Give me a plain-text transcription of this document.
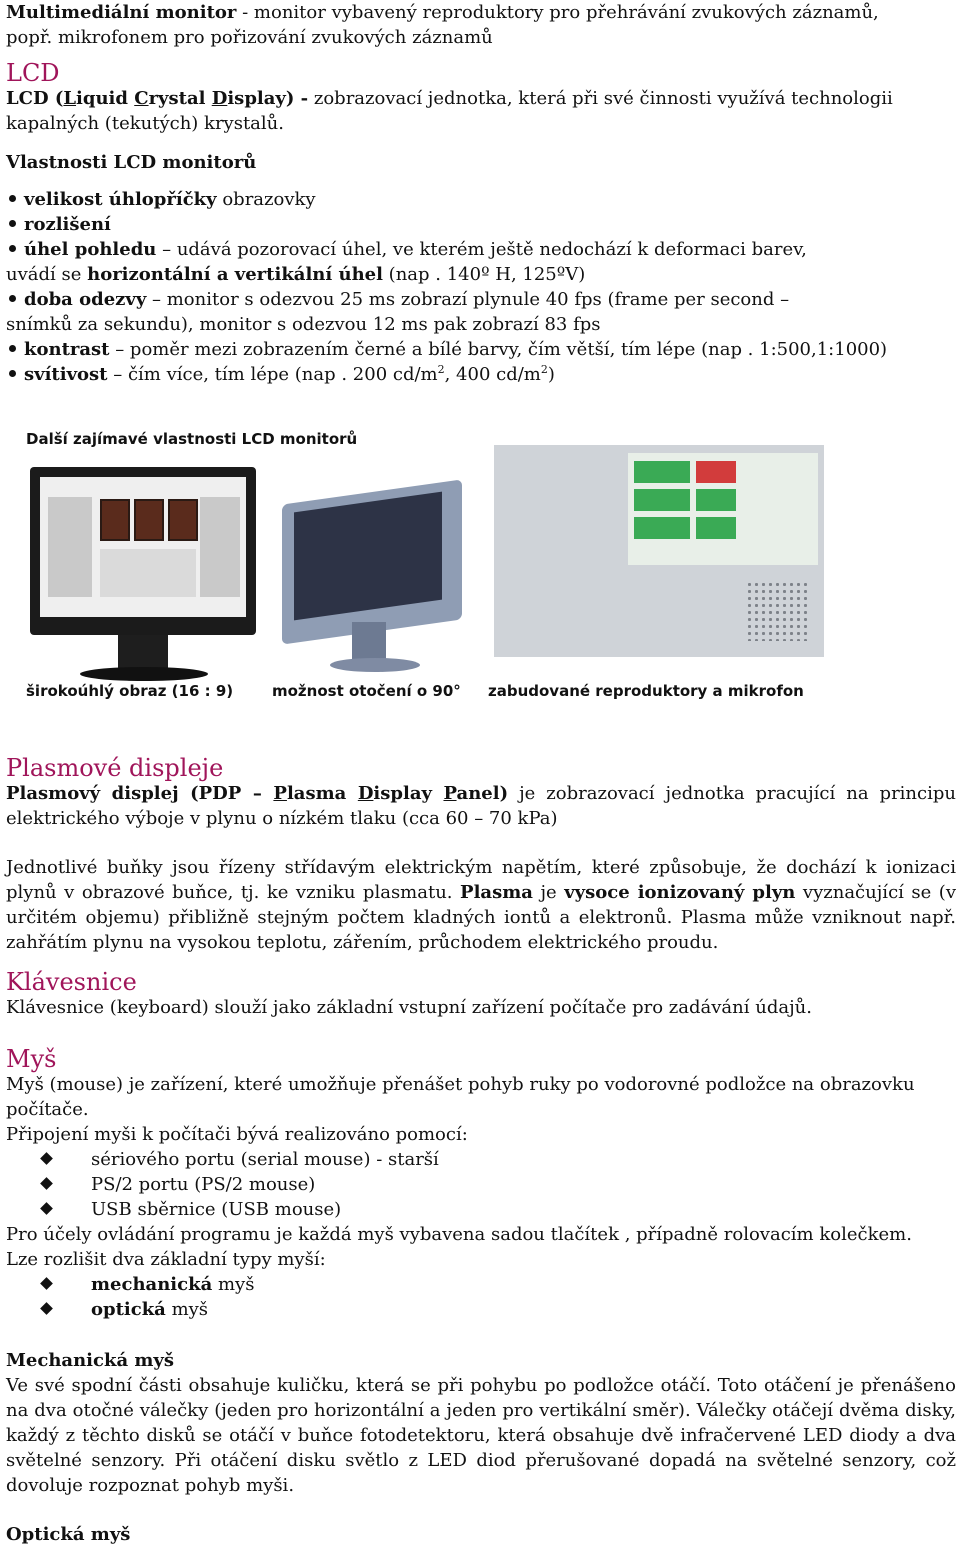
Multimediální monitor - monitor vybavený reproduktory pro přehrávání zvukových záznamů,
popř. mikrofonem pro pořizování zvukových záznamů

LCD

LCD (Liquid Crystal Display) - zobrazovací jednotka, která při své činnosti využívá technologii
kapalných (tekutých) krystalů.

Vlastnosti LCD monitorů

velikost úhlopříčky obrazovky

rozlišení

úhel pohledu – udává pozorovací úhel, ve kterém ještě nedochází k deformaci barev,
uvádí se horizontální a vertikální úhel (nap . 140º H, 125ºV)

doba odezvy – monitor s odezvou 25 ms zobrazí plynule 40 fps (frame per second –
snímků za sekundu), monitor s odezvou 12 ms pak zobrazí 83 fps

kontrast – poměr mezi zobrazením černé a bílé barvy, čím větší, tím lépe (nap . 1:500,1:1000)

svítivost – čím více, tím lépe (nap . 200 $cd/m^2$, 400 $cd/m^2$)

Další zajímavé vlastnosti LCD monitorů
širokoúhlý obraz (16 : 9)	možnost otočení o 90° zabudované reproduktory a mikrofon

Plasmové displeje

Plasmový displej (PDP – Plasma Display Panel) je zobrazovací jednotka pracující na principu elektrického výboje v plynu o nízkém tlaku (cca 60 – 70 kPa)

Jednotlivé buňky jsou řízeny střídavým elektrickým napětím, které způsobuje, že dochází k ionizaci plynů v obrazové buňce, tj. ke vzniku plasmatu. Plasma je vysoce ionizovaný plyn vyznačující se (v určitém objemu) přibližně stejným počtem kladných iontů a elektronů. Plasma může vzniknout např. zahřátím plynu na vysokou teplotu, zářením, průchodem elektrického proudu.

Klávesnice

Klávesnice (keyboard) slouží jako základní vstupní zařízení počítače pro zadávání údajů.

Myš

Myš (mouse) je zařízení, které umožňuje přenášet pohyb ruky po vodorovné podložce na obrazovku počítače.

Připojení myši k počítači bývá realizováno pomocí:

sériového portu (serial mouse) - starší

PS/2 portu (PS/2 mouse)

USB sběrnice (USB mouse)

Pro účely ovládání programu je každá myš vybavena sadou tlačítek , případně rolovacím kolečkem.

Lze rozlišit dva základní typy myší:

mechanická myš

optická myš

Mechanická myš

Ve své spodní části obsahuje kuličku, která se při pohybu po podložce otáčí. Toto otáčení je přenášeno na dva otočné válečky (jeden pro horizontální a jeden pro vertikální směr). Válečky otáčejí dvěma disky, každý z těchto disků se otáčí v buňce fotodetektoru, která obsahuje dvě infračervené LED diody a dva světelné senzory. Při otáčení disku světlo z LED diod přerušované dopadá na světelné senzory, což dovoluje rozpoznat pohyb myši.

Optická myš
